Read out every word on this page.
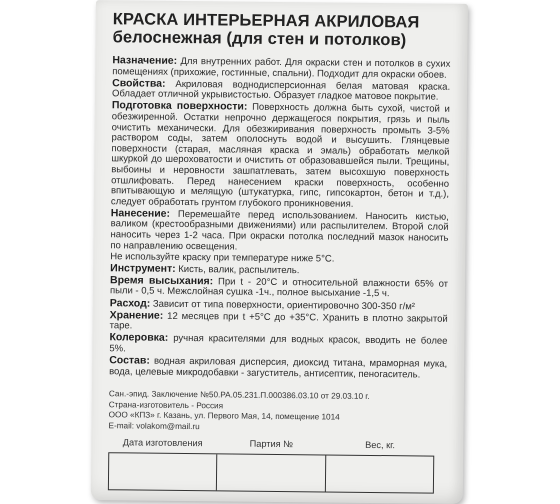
КРАСКА ИНТЕРЬЕРНАЯ АКРИЛОВАЯ
белоснежная (для стен и потолков)

Назначение: Для внутренних работ. Для окраски стен и потолков в сухих помещениях (прихожие, гостинные, спальни). Подходит для окраски обоев.

Свойства: Акриловая воднодисперсионная белая матовая краска. Обладает отличной укрывистостью. Образует гладкое матовое покрытие.

Подготовка поверхности: Поверхность должна быть сухой, чистой и обезжиренной. Остатки непрочно держащегося покрытия, грязь и пыль очистить механически. Для обезжиривания поверхность промыть 3-5% раствором соды, затем ополоснуть водой и высушить. Глянцевые поверхности (старая, масляная краска и эмаль) обработать мелкой шкуркой до шероховатости и очистить от образовавшейся пыли. Трещины, выбоины и неровности зашпатлевать, затем высохшую поверхность отшлифовать. Перед нанесением краски поверхность, особенно впитывающую и мелящую (штукатурка, гипс, гипсокартон, бетон и т.д.), следует обработать грунтом глубокого проникновения.

Нанесение: Перемешайте перед использованием. Наносить кистью, валиком (крестообразными движениями) или распылителем. Второй слой наносить через 1-2 часа. При окраски потолка последний мазок наносить по направлению освещения.

Не используйте краску при температуре ниже 5°С.

Инструмент: Кисть, валик, распылитель.

Время высыхания: При t - 20°С и относительной влажности 65% от пыли - 0,5 ч. Межслойная сушка -1ч., полное высыхание -1,5 ч.

Расход: Зависит от типа поверхности, ориентировочно 300-350 г/м²

Хранение: 12 месяцев при t +5°С до +35°С. Хранить в плотно закрытой таре.

Колеровка: ручная красителями для водных красок, вводить не более 5%.

Состав: водная акриловая дисперсия, диоксид титана, мраморная мука, вода, целевые микродобавки - загуститель, антисептик, пеногаситель.

Сан.-эпид. Заключение №50.РА.05.231.П.000386.03.10 от 29.03.10 г.

Страна-изготовитель - Россия

ООО «КПЗ» г. Казань, ул. Первого Мая, 14, помещение 1014

E-mail: volakom@mail.ru

Дата изготовления	Партия №	Вес, кг.
